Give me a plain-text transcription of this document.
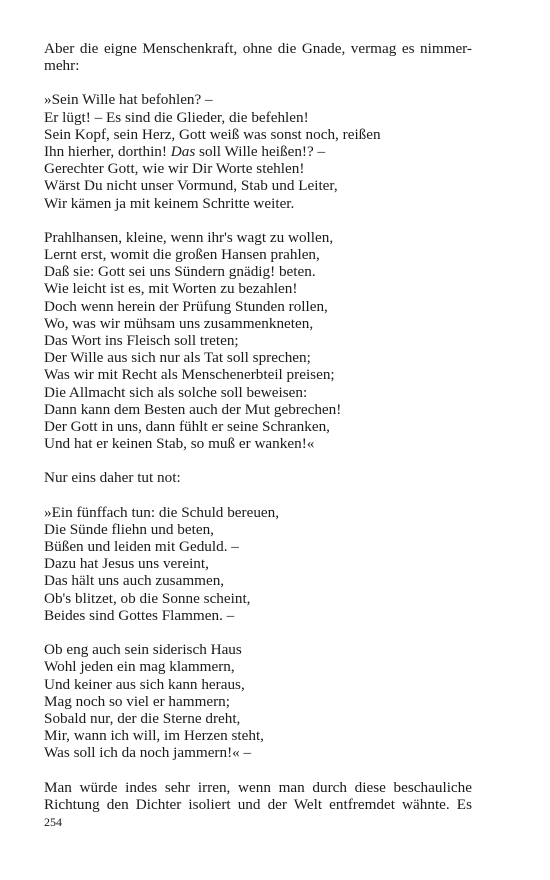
Aber die eigne Menschenkraft, ohne die Gnade, vermag es nimmer-
mehr:

»Sein Wille hat befohlen? –
Er lügt! – Es sind die Glieder, die befehlen!
Sein Kopf, sein Herz, Gott weiß was sonst noch, reißen
Ihn hierher, dorthin! Das soll Wille heißen!? –
Gerechter Gott, wie wir Dir Worte stehlen!
Wärst Du nicht unser Vormund, Stab und Leiter,
Wir kämen ja mit keinem Schritte weiter.
Prahlhansen, kleine, wenn ihr's wagt zu wollen,
Lernt erst, womit die großen Hansen prahlen,
Daß sie: Gott sei uns Sündern gnädig! beten.
Wie leicht ist es, mit Worten zu bezahlen!
Doch wenn herein der Prüfung Stunden rollen,
Wo, was wir mühsam uns zusammenkneten,
Das Wort ins Fleisch soll treten;
Der Wille aus sich nur als Tat soll sprechen;
Was wir mit Recht als Menschenerbteil preisen;
Die Allmacht sich als solche soll beweisen:
Dann kann dem Besten auch der Mut gebrechen!
Der Gott in uns, dann fühlt er seine Schranken,
Und hat er keinen Stab, so muß er wanken!«

Nur eins daher tut not:

»Ein fünffach tun: die Schuld bereuen,
Die Sünde fliehn und beten,
Büßen und leiden mit Geduld. –
Dazu hat Jesus uns vereint,
Das hält uns auch zusammen,
Ob's blitzet, ob die Sonne scheint,
Beides sind Gottes Flammen. –
Ob eng auch sein siderisch Haus
Wohl jeden ein mag klammern,
Und keiner aus sich kann heraus,
Mag noch so viel er hammern;
Sobald nur, der die Sterne dreht,
Mir, wann ich will, im Herzen steht,
Was soll ich da noch jammern!« –

Man würde indes sehr irren, wenn man durch diese beschauliche
Richtung den Dichter isoliert und der Welt entfremdet wähnte. Es

254
